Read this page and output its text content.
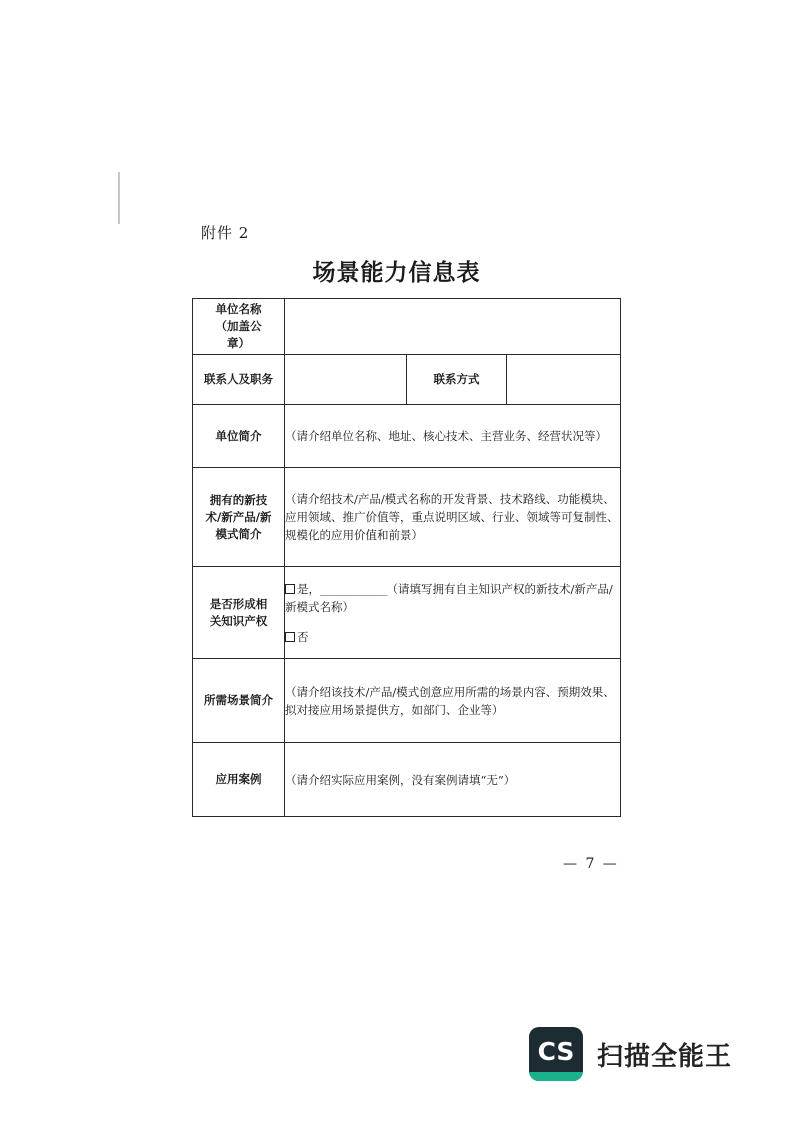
附件 2
场景能力信息表
单位名称（加盖公章）			

联系人及职务		联系方式	
单位简介	（请介绍单位名称、地址、核心技术、主营业务、经营状况等）		

拥有的新技术/新产品/新模式简介	（请介绍技术/产品/模式名称的开发背景、技术路线、功能模块、应用领域、推广价值等，重点说明区域、行业、领域等可复制性、规模化的应用价值和前景）		

是否形成相关知识产权	是，______________（请填写拥有自主知识产权的新技术/新产品/新模式名称）
否		

所需场景简介	（请介绍该技术/产品/模式创意应用所需的场景内容、预期效果、拟对接应用场景提供方，如部门、企业等）		
应用案例	（请介绍实际应用案例，没有案例请填“无”）		
— 7 —
CS 扫描全能王
